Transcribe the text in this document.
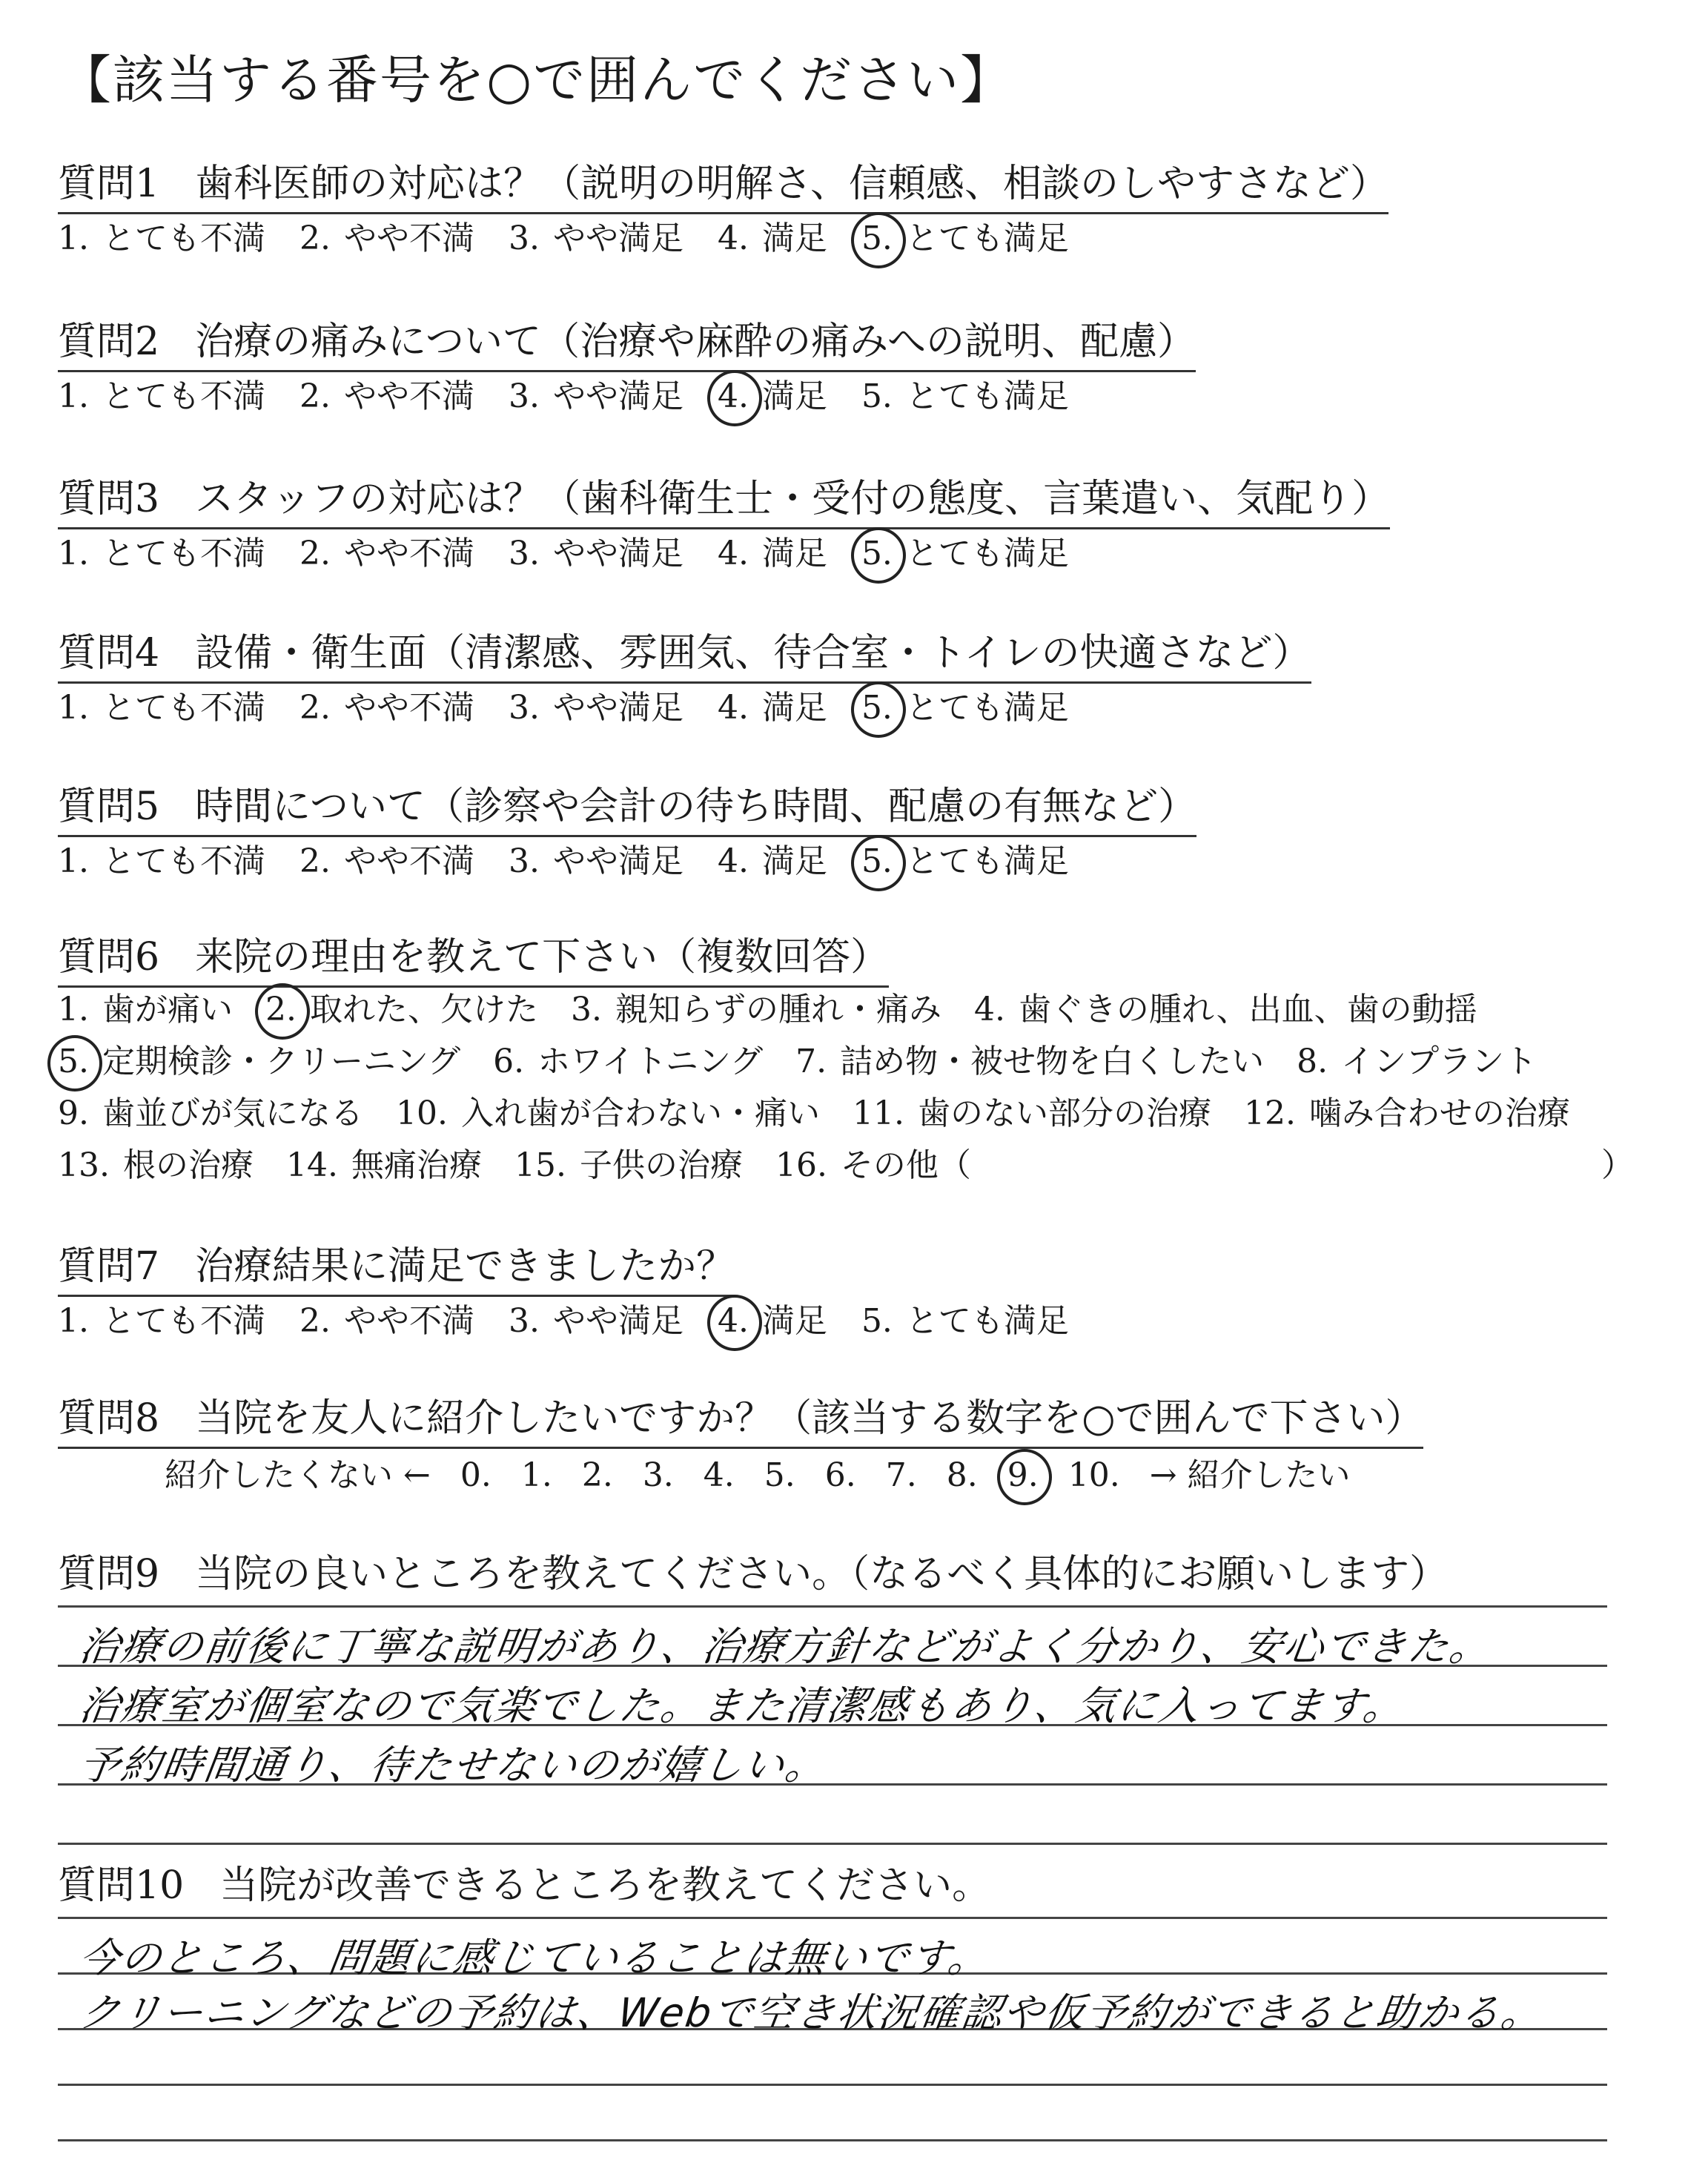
【該当する番号を○で囲んでください】
質問1 歯科医師の対応は？（説明の明解さ、信頼感、相談のしやすさなど）
1. とても不満 2. やや不満 3. やや満足 4. 満足 5. とても満足
質問2 治療の痛みについて（治療や麻酔の痛みへの説明、配慮）
1. とても不満 2. やや不満 3. やや満足 4. 満足 5. とても満足
質問3 スタッフの対応は？（歯科衛生士・受付の態度、言葉遣い、気配り）
1. とても不満 2. やや不満 3. やや満足 4. 満足 5. とても満足
質問4 設備・衛生面（清潔感、雰囲気、待合室・トイレの快適さなど）
1. とても不満 2. やや不満 3. やや満足 4. 満足 5. とても満足
質問5 時間について（診察や会計の待ち時間、配慮の有無など）
1. とても不満 2. やや不満 3. やや満足 4. 満足 5. とても満足
質問6 来院の理由を教えて下さい（複数回答）
1. 歯が痛い 2. 取れた、欠けた 3. 親知らずの腫れ・痛み 4. 歯ぐきの腫れ、出血、歯の動揺
5. 定期検診・クリーニング 6. ホワイトニング 7. 詰め物・被せ物を白くしたい 8. インプラント
9. 歯並びが気になる 10. 入れ歯が合わない・痛い 11. 歯のない部分の治療 12. 噛み合わせの治療
13. 根の治療 14. 無痛治療 15. 子供の治療 16. その他（	）
質問7 治療結果に満足できましたか？
1. とても不満 2. やや不満 3. やや満足 4. 満足 5. とても満足
質問8 当院を友人に紹介したいですか？（該当する数字を○で囲んで下さい）
紹介したくない ← 0. 1. 2. 3. 4. 5. 6. 7. 8. 9. 10. → 紹介したい
質問9 当院の良いところを教えてください。（なるべく具体的にお願いします）
治療の前後に丁寧な説明があり、治療方針などがよく分かり、安心できた。
治療室が個室なので気楽でした。また清潔感もあり、気に入ってます。
予約時間通り、待たせないのが嬉しい。
質問10 当院が改善できるところを教えてください。
今のところ、問題に感じていることは無いです。
クリーニングなどの予約は、Webで空き状況確認や仮予約ができると助かる。
